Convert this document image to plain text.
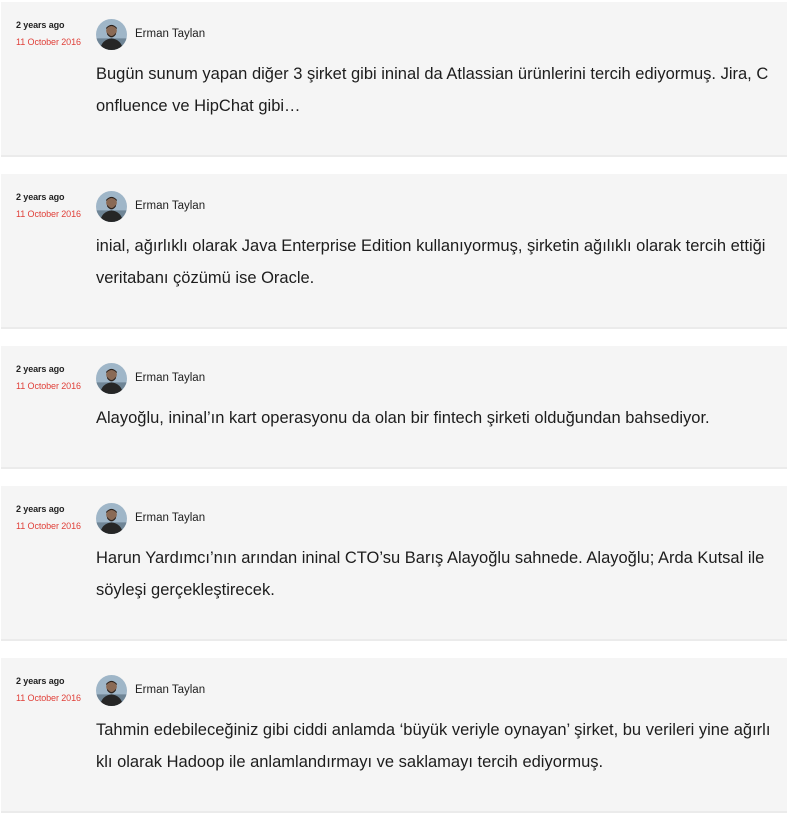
2 years ago
11 October 2016
Erman Taylan

Bugün sunum yapan diğer 3 şirket gibi ininal da Atlassian ürünlerini tercih ediyormuş. Jira, Confluence ve HipChat gibi…

2 years ago
11 October 2016
Erman Taylan

inial, ağırlıklı olarak Java Enterprise Edition kullanıyormuş, şirketin ağılıklı olarak tercih ettiği veritabanı çözümü ise Oracle.

2 years ago
11 October 2016
Erman Taylan

Alayoğlu, ininal’ın kart operasyonu da olan bir fintech şirketi olduğundan bahsediyor.

2 years ago
11 October 2016
Erman Taylan

Harun Yardımcı’nın arından ininal CTO’su Barış Alayoğlu sahnede. Alayoğlu; Arda Kutsal ile söyleşi gerçekleştirecek.

2 years ago
11 October 2016
Erman Taylan

Tahmin edebileceğiniz gibi ciddi anlamda ‘büyük veriyle oynayan’ şirket, bu verileri yine ağırlıklı olarak Hadoop ile anlamlandırmayı ve saklamayı tercih ediyormuş.
